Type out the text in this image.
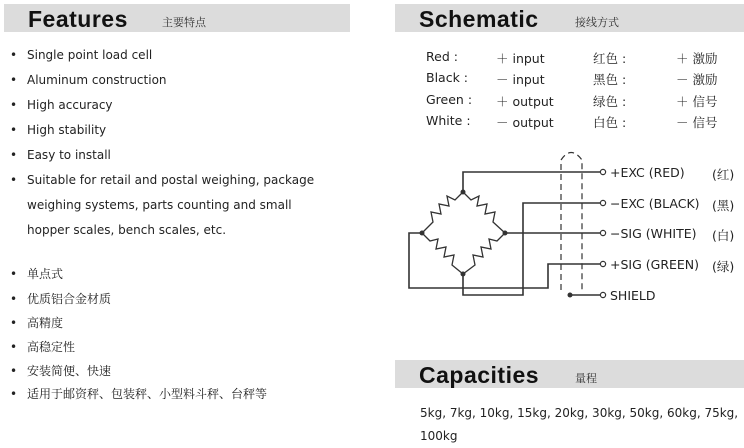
Features	主要特点	Schematic	接线方式
Capacities	量程
• Single point load cell
• Aluminum construction
• High accuracy
• High stability
• Easy to install
• Suitable for retail and postal weighing, package
weighing systems, parts counting and small
hopper scales, bench scales, etc.
• 单点式
• 优质铝合金材质
• 高精度
• 高稳定性
• 安装简便、快速
• 适用于邮资秤、包装秤、小型料斗秤、台秤等
Red :	＋ input	红色 :	＋ 激励
Black : － input	黑色 :	－ 激励
Green : ＋ output	绿色 :	＋ 信号
White : － output	白色 :	－ 信号
+EXC (RED) (红)
−EXC (BLACK) (黑)
−SIG (WHITE) (白)
+SIG (GREEN) (绿)
SHIELD
5kg, 7kg, 10kg, 15kg, 20kg, 30kg, 50kg, 60kg, 75kg,
100kg
